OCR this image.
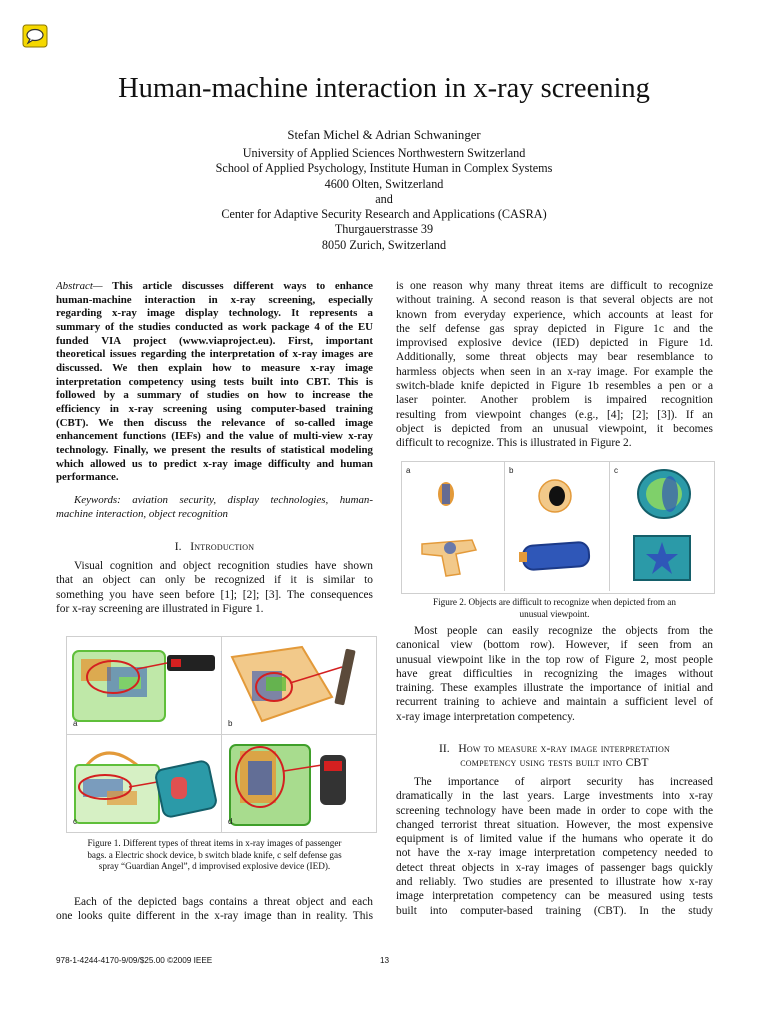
Human-machine interaction in x-ray screening
Stefan Michel & Adrian Schwaninger
University of Applied Sciences Northwestern Switzerland
School of Applied Psychology, Institute Human in Complex Systems
4600 Olten, Switzerland
and
Center for Adaptive Security Research and Applications (CASRA)
Thurgauerstrasse 39
8050 Zurich, Switzerland
Abstract— This article discusses different ways to enhance
human-machine interaction in x-ray screening, especially
regarding x-ray image display technology. It represents a
summary of the studies conducted as work package 4 of the EU
funded VIA project (www.viaproject.eu). First, important
theoretical issues regarding the interpretation of x-ray images are
discussed. We then explain how to measure x-ray image
interpretation competency using tests built into CBT. This is
followed by a summary of studies on how to increase the
efficiency in x-ray screening using computer-based training
(CBT). We then discuss the relevance of so-called image
enhancement functions (IEFs) and the value of multi-view x-ray
technology. Finally, we present the results of statistical modeling
which allowed us to predict x-ray image difficulty and human
performance.
Keywords: aviation security, display technologies, human-
machine interaction, object recognition
I. Introduction
Visual cognition and object recognition studies have shown
that an object can only be recognized if it is similar to
something you have seen before [1]; [2]; [3]. The consequences
for x-ray screening are illustrated in Figure 1.
a	b
c	d
Figure 1. Different types of threat items in x-ray images of passenger
bags. a Electric shock device, b switch blade knife, c self defense gas
spray “Guardian Angel”, d improvised explosive device (IED).
Each of the depicted bags contains a threat object and each
one looks quite different in the x-ray image than in reality. This
is one reason why many threat items are difficult to recognize
without training. A second reason is that several objects are not
known from everyday experience, which accounts at least for
the self defense gas spray depicted in Figure 1c and the
improvised explosive device (IED) depicted in Figure 1d.
Additionally, some threat objects may bear resemblance to
harmless objects when seen in an x-ray image. For example the
switch-blade knife depicted in Figure 1b resembles a pen or a
laser pointer. Another problem is impaired recognition
resulting from viewpoint changes (e.g., [4]; [2]; [3]). If an
object is depicted from an unusual viewpoint, it becomes
difficult to recognize. This is illustrated in Figure 2.
a	b	c
Figure 2. Objects are difficult to recognize when depicted from an
unusual viewpoint.
Most people can easily recognize the objects from the
canonical view (bottom row). However, if seen from an
unusual viewpoint like in the top row of Figure 2, most people
have great difficulties in recognizing the images without
training. These examples illustrate the importance of initial and
recurrent training to achieve and maintain a sufficient level of
x-ray image interpretation competency.
II. How to measure x-ray image interpretation
competency using tests built into CBT
The importance of airport security has increased
dramatically in the last years. Large investments into x-ray
screening technology have been made in order to cope with the
changed terrorist threat situation. However, the most expensive
equipment is of limited value if the humans who operate it do
not have the x-ray image interpretation competency needed to
detect threat objects in x-ray images of passenger bags quickly
and reliably. Two studies are presented to illustrate how x-ray
image interpretation competency can be measured using tests
built into computer-based training (CBT). In the study
978-1-4244-4170-9/09/$25.00 ©2009 IEEE	13
